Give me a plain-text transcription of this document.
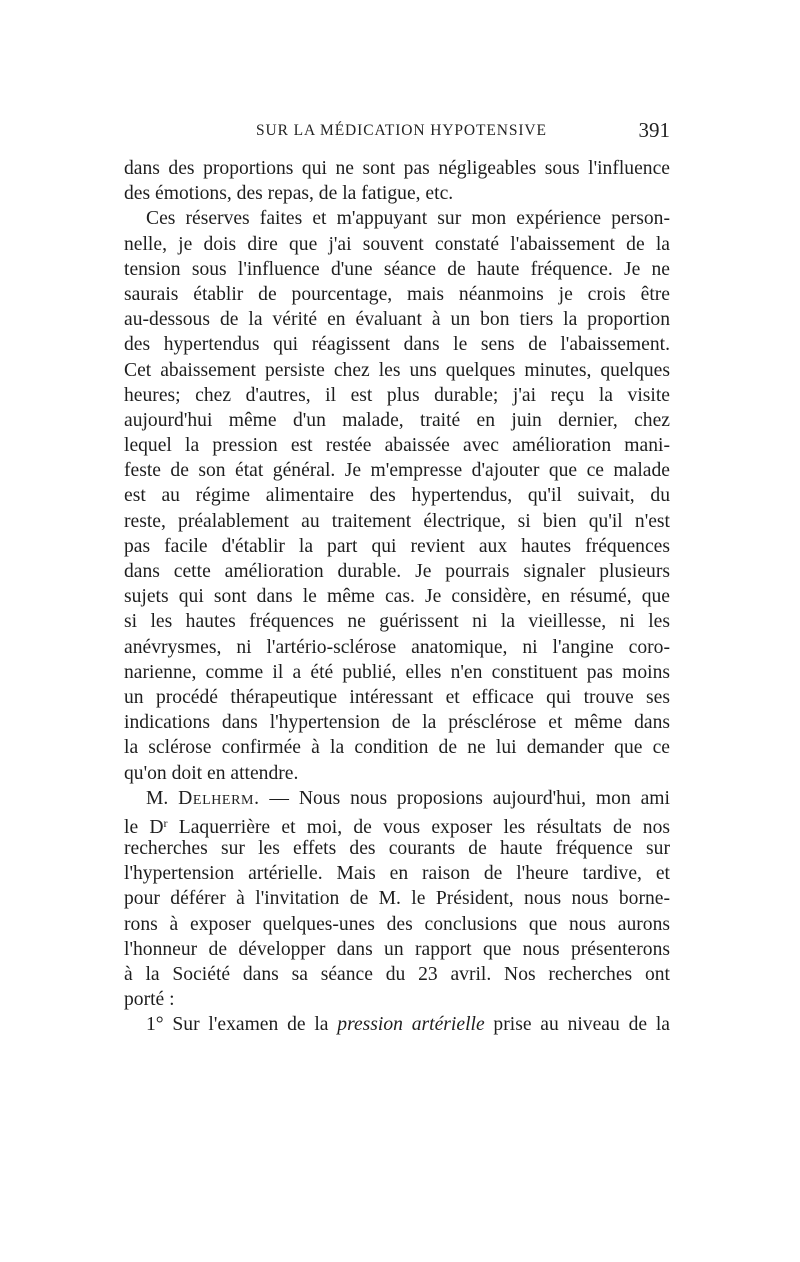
SUR LA MÉDICATION HYPOTENSIVE	391
dans des proportions qui ne sont pas négligeables sous l'influence
des émotions, des repas, de la fatigue, etc.
Ces réserves faites et m'appuyant sur mon expérience person-
nelle, je dois dire que j'ai souvent constaté l'abaissement de la
tension sous l'influence d'une séance de haute fréquence. Je ne
saurais établir de pourcentage, mais néanmoins je crois être
au-dessous de la vérité en évaluant à un bon tiers la proportion
des hypertendus qui réagissent dans le sens de l'abaissement.
Cet abaissement persiste chez les uns quelques minutes, quelques
heures; chez d'autres, il est plus durable; j'ai reçu la visite
aujourd'hui même d'un malade, traité en juin dernier, chez
lequel la pression est restée abaissée avec amélioration mani-
feste de son état général. Je m'empresse d'ajouter que ce malade
est au régime alimentaire des hypertendus, qu'il suivait, du
reste, préalablement au traitement électrique, si bien qu'il n'est
pas facile d'établir la part qui revient aux hautes fréquences
dans cette amélioration durable. Je pourrais signaler plusieurs
sujets qui sont dans le même cas. Je considère, en résumé, que
si les hautes fréquences ne guérissent ni la vieillesse, ni les
anévrysmes, ni l'artério-sclérose anatomique, ni l'angine coro-
narienne, comme il a été publié, elles n'en constituent pas moins
un procédé thérapeutique intéressant et efficace qui trouve ses
indications dans l'hypertension de la présclérose et même dans
la sclérose confirmée à la condition de ne lui demander que ce
qu'on doit en attendre.
M. Delherm. — Nous nous proposions aujourd'hui, mon ami
le $D^r$ Laquerrière et moi, de vous exposer les résultats de nos
recherches sur les effets des courants de haute fréquence sur
l'hypertension artérielle. Mais en raison de l'heure tardive, et
pour déférer à l'invitation de M. le Président, nous nous borne-
rons à exposer quelques-unes des conclusions que nous aurons
l'honneur de développer dans un rapport que nous présenterons
à la Société dans sa séance du 23 avril. Nos recherches ont
porté :
1° Sur l'examen de la pression artérielle prise au niveau de la
